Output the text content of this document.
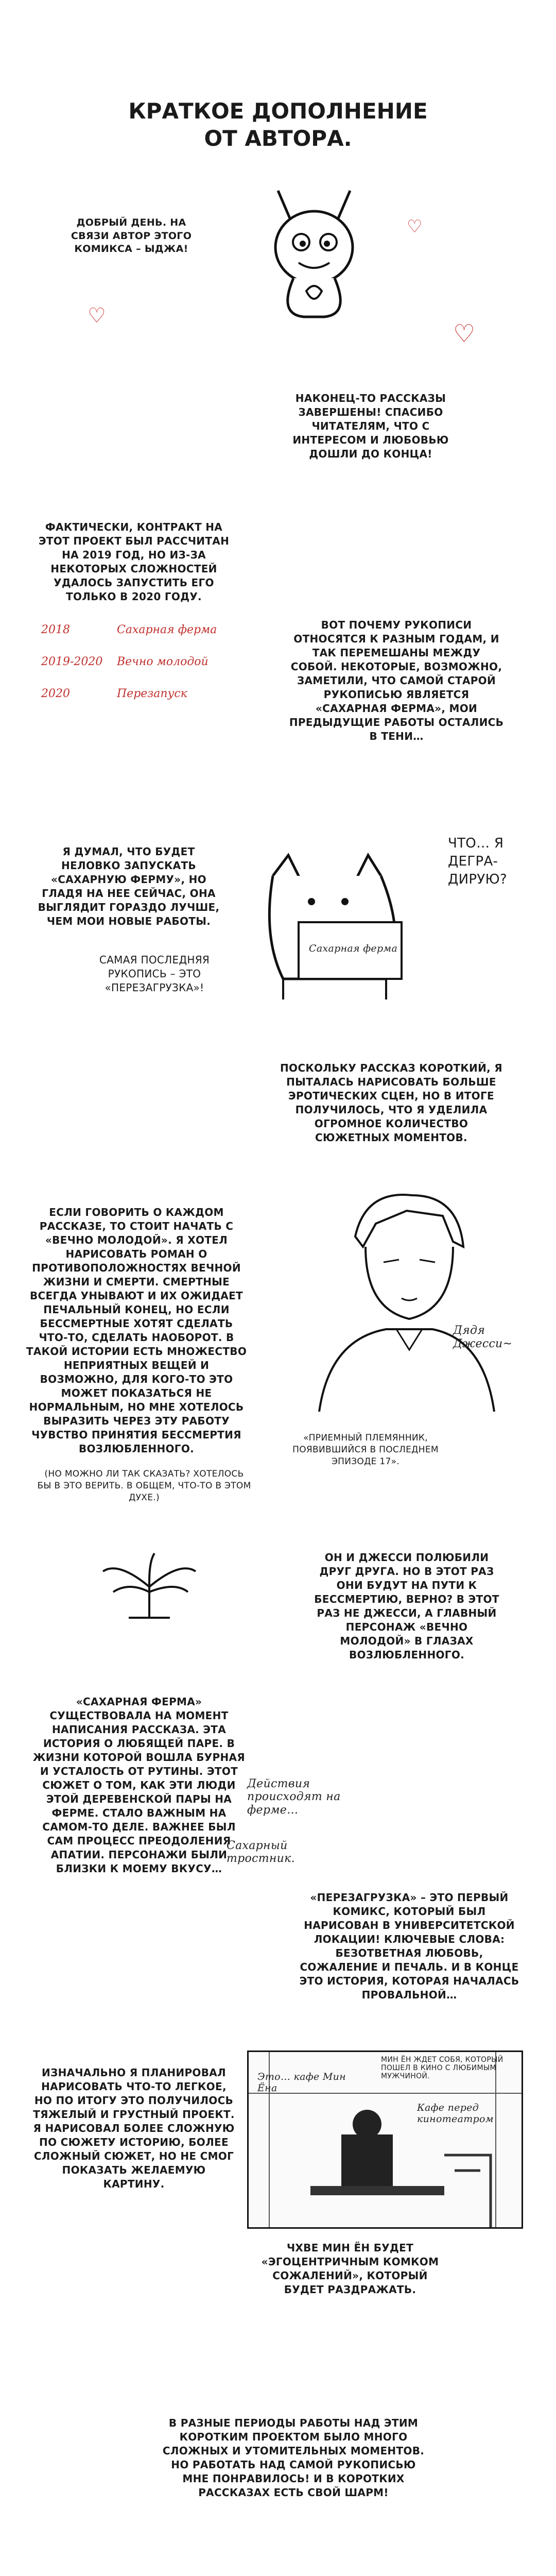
КРАТКОЕ ДОПОЛНЕНИЕ
ОТ АВТОРА.

ДОБРЫЙ ДЕНЬ. НА СВЯЗИ АВТОР ЭТОГО КОМИКСА – ЫДЖА!

♡
♡
♡

НАКОНЕЦ-ТО РАССКАЗЫ ЗАВЕРШЕНЫ! СПАСИБО ЧИТАТЕЛЯМ, ЧТО С ИНТЕРЕСОМ И ЛЮБОВЬЮ ДОШЛИ ДО КОНЦА!

ФАКТИЧЕСКИ, КОНТРАКТ НА ЭТОТ ПРОЕКТ БЫЛ РАССЧИТАН НА 2019 ГОД, НО ИЗ-ЗА НЕКОТОРЫХ СЛОЖНОСТЕЙ УДАЛОСЬ ЗАПУСТИТЬ ЕГО ТОЛЬКО В 2020 ГОДУ.

2018	Сахарная ферма
2019-2020 Вечно молодой
2020	Перезапуск

ВОТ ПОЧЕМУ РУКОПИСИ ОТНОСЯТСЯ К РАЗНЫМ ГОДАМ, И ТАК ПЕРЕМЕШАНЫ МЕЖДУ СОБОЙ. НЕКОТОРЫЕ, ВОЗМОЖНО, ЗАМЕТИЛИ, ЧТО САМОЙ СТАРОЙ РУКОПИСЬЮ ЯВЛЯЕТСЯ «САХАРНАЯ ФЕРМА», МОИ ПРЕДЫДУЩИЕ РАБОТЫ ОСТАЛИСЬ В ТЕНИ…

ЧТО… Я ДЕГРА-ДИРУЮ?

Я ДУМАЛ, ЧТО БУДЕТ НЕЛОВКО ЗАПУСКАТЬ «САХАРНУЮ ФЕРМУ», НО ГЛАДЯ НА НЕЕ СЕЙЧАС, ОНА ВЫГЛЯДИТ ГОРАЗДО ЛУЧШЕ, ЧЕМ МОИ НОВЫЕ РАБОТЫ.

САМАЯ ПОСЛЕДНЯЯ РУКОПИСЬ – ЭТО «ПЕРЕЗАГРУЗКА»!

Сахарная ферма

ПОСКОЛЬКУ РАССКАЗ КОРОТКИЙ, Я ПЫТАЛАСЬ НАРИСОВАТЬ БОЛЬШЕ ЭРОТИЧЕСКИХ СЦЕН, НО В ИТОГЕ ПОЛУЧИЛОСЬ, ЧТО Я УДЕЛИЛА ОГРОМНОЕ КОЛИЧЕСТВО СЮЖЕТНЫХ МОМЕНТОВ.

ЕСЛИ ГОВОРИТЬ О КАЖДОМ РАССКАЗЕ, ТО СТОИТ НАЧАТЬ С «ВЕЧНО МОЛОДОЙ». Я ХОТЕЛ НАРИСОВАТЬ РОМАН О ПРОТИВОПОЛОЖНОСТЯХ ВЕЧНОЙ ЖИЗНИ И СМЕРТИ. СМЕРТНЫЕ ВСЕГДА УНЫВАЮТ И ИХ ОЖИДАЕТ ПЕЧАЛЬНЫЙ КОНЕЦ, НО ЕСЛИ БЕССМЕРТНЫЕ ХОТЯТ СДЕЛАТЬ ЧТО-ТО, СДЕЛАТЬ НАОБОРОТ. В ТАКОЙ ИСТОРИИ ЕСТЬ МНОЖЕСТВО НЕПРИЯТНЫХ ВЕЩЕЙ И ВОЗМОЖНО, ДЛЯ КОГО-ТО ЭТО МОЖЕТ ПОКАЗАТЬСЯ НЕ НОРМАЛЬНЫМ, НО МНЕ ХОТЕЛОСЬ ВЫРАЗИТЬ ЧЕРЕЗ ЭТУ РАБОТУ ЧУВСТВО ПРИНЯТИЯ БЕССМЕРТИЯ ВОЗЛЮБЛЕННОГО.

(НО МОЖНО ЛИ ТАК СКАЗАТЬ? ХОТЕЛОСЬ БЫ В ЭТО ВЕРИТЬ. В ОБЩЕМ, ЧТО-ТО В ЭТОМ ДУХЕ.)

Дядя Джесси~

«ПРИЕМНЫЙ ПЛЕМЯННИК, ПОЯВИВШИЙСЯ В ПОСЛЕДНЕМ ЭПИЗОДЕ 17».

ОН И ДЖЕССИ ПОЛЮБИЛИ ДРУГ ДРУГА. НО В ЭТОТ РАЗ ОНИ БУДУТ НА ПУТИ К БЕССМЕРТИЮ, ВЕРНО? В ЭТОТ РАЗ НЕ ДЖЕССИ, А ГЛАВНЫЙ ПЕРСОНАЖ «ВЕЧНО МОЛОДОЙ» В ГЛАЗАХ ВОЗЛЮБЛЕННОГО.

«САХАРНАЯ ФЕРМА» СУЩЕСТВОВАЛА НА МОМЕНТ НАПИСАНИЯ РАССКАЗА. ЭТА ИСТОРИЯ О ЛЮБЯЩЕЙ ПАРЕ. В ЖИЗНИ КОТОРОЙ ВОШЛА БУРНАЯ И УСТАЛОСТЬ ОТ РУТИНЫ. ЭТОТ СЮЖЕТ О ТОМ, КАК ЭТИ ЛЮДИ ЭТОЙ ДЕРЕВЕНСКОЙ ПАРЫ НА ФЕРМЕ. СТАЛО ВАЖНЫМ НА САМОМ-ТО ДЕЛЕ. ВАЖНЕЕ БЫЛ САМ ПРОЦЕСС ПРЕОДОЛЕНИЯ АПАТИИ. ПЕРСОНАЖИ БЫЛИ БЛИЗКИ К МОЕМУ ВКУСУ…

Действия происходят на ферме…
Сахарный тростник.

«ПЕРЕЗАГРУЗКА» – ЭТО ПЕРВЫЙ КОМИКС, КОТОРЫЙ БЫЛ НАРИСОВАН В УНИВЕРСИТЕТСКОЙ ЛОКАЦИИ! КЛЮЧЕВЫЕ СЛОВА: БЕЗОТВЕТНАЯ ЛЮБОВЬ, СОЖАЛЕНИЕ И ПЕЧАЛЬ. И В КОНЦЕ ЭТО ИСТОРИЯ, КОТОРАЯ НАЧАЛАСЬ ПРОВАЛЬНОЙ…

ИЗНАЧАЛЬНО Я ПЛАНИРОВАЛ НАРИСОВАТЬ ЧТО-ТО ЛЕГКОЕ, НО ПО ИТОГУ ЭТО ПОЛУЧИЛОСЬ ТЯЖЕЛЫЙ И ГРУСТНЫЙ ПРОЕКТ. Я НАРИСОВАЛ БОЛЕЕ СЛОЖНУЮ ПО СЮЖЕТУ ИСТОРИЮ, БОЛЕЕ СЛОЖНЫЙ СЮЖЕТ, НО НЕ СМОГ ПОКАЗАТЬ ЖЕЛАЕМУЮ КАРТИНУ.

МИН ЁН ЖДЕТ СОБЯ, КОТОРЫЙ ПОШЕЛ В КИНО С ЛЮБИМЫМ МУЖЧИНОЙ.
Кафе перед кинотеатром
Это… кафе Мин Ёна

ЧХВЕ МИН ЁН БУДЕТ «ЭГОЦЕНТРИЧНЫМ КОМКОМ СОЖАЛЕНИЙ», КОТОРЫЙ БУДЕТ РАЗДРАЖАТЬ.

В РАЗНЫЕ ПЕРИОДЫ РАБОТЫ НАД ЭТИМ КОРОТКИМ ПРОЕКТОМ БЫЛО МНОГО СЛОЖНЫХ И УТОМИТЕЛЬНЫХ МОМЕНТОВ. НО РАБОТАТЬ НАД САМОЙ РУКОПИСЬЮ МНЕ ПОНРАВИЛОСЬ! И В КОРОТКИХ РАССКАЗАХ ЕСТЬ СВОЙ ШАРМ!
